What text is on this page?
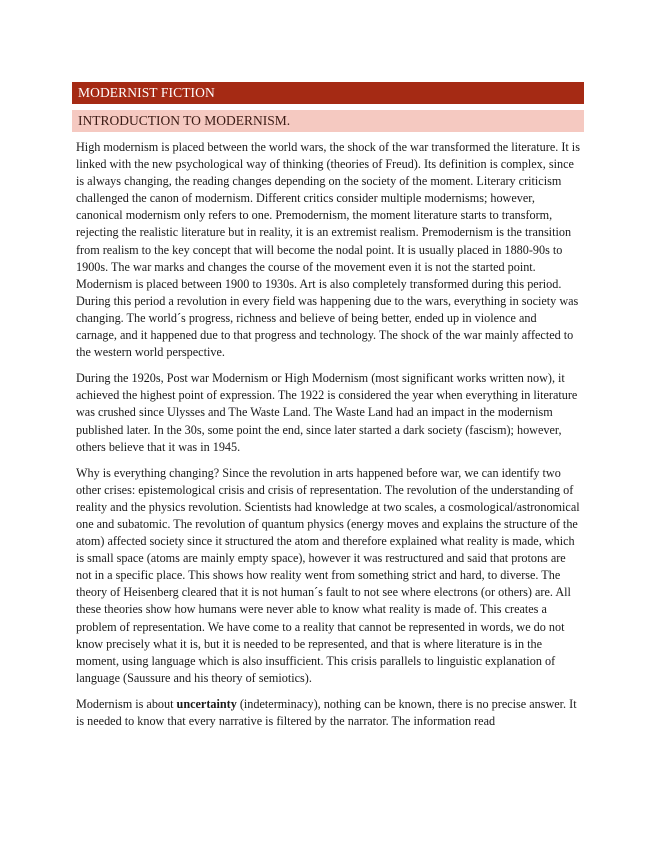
MODERNIST FICTION
INTRODUCTION TO MODERNISM.

High modernism is placed between the world wars, the shock of the war transformed the literature. It is linked with the new psychological way of thinking (theories of Freud). Its definition is complex, since is always changing, the reading changes depending on the society of the moment. Literary criticism challenged the canon of modernism. Different critics consider multiple modernisms; however, canonical modernism only refers to one. Premodernism, the moment literature starts to transform, rejecting the realistic literature but in reality, it is an extremist realism. Premodernism is the transition from realism to the key concept that will become the nodal point. It is usually placed in 1880-90s to 1900s. The war marks and changes the course of the movement even it is not the started point. Modernism is placed between 1900 to 1930s. Art is also completely transformed during this period. During this period a revolution in every field was happening due to the wars, everything in society was changing. The world´s progress, richness and believe of being better, ended up in violence and carnage, and it happened due to that progress and technology. The shock of the war mainly affected to the western world perspective.

During the 1920s, Post war Modernism or High Modernism (most significant works written now), it achieved the highest point of expression. The 1922 is considered the year when everything in literature was crushed since Ulysses and The Waste Land. The Waste Land had an impact in the modernism published later. In the 30s, some point the end, since later started a dark society (fascism); however, others believe that it was in 1945.

Why is everything changing? Since the revolution in arts happened before war, we can identify two other crises: epistemological crisis and crisis of representation. The revolution of the understanding of reality and the physics revolution. Scientists had knowledge at two scales, a cosmological/astronomical one and subatomic. The revolution of quantum physics (energy moves and explains the structure of the atom) affected society since it structured the atom and therefore explained what reality is made, which is small space (atoms are mainly empty space), however it was restructured and said that protons are not in a specific place. This shows how reality went from something strict and hard, to diverse. The theory of Heisenberg cleared that it is not human´s fault to not see where electrons (or others) are. All these theories show how humans were never able to know what reality is made of. This creates a problem of representation. We have come to a reality that cannot be represented in words, we do not know precisely what it is, but it is needed to be represented, and that is where literature is in the moment, using language which is also insufficient. This crisis parallels to linguistic explanation of language (Saussure and his theory of semiotics).

Modernism is about uncertainty (indeterminacy), nothing can be known, there is no precise answer. It is needed to know that every narrative is filtered by the narrator. The information read
